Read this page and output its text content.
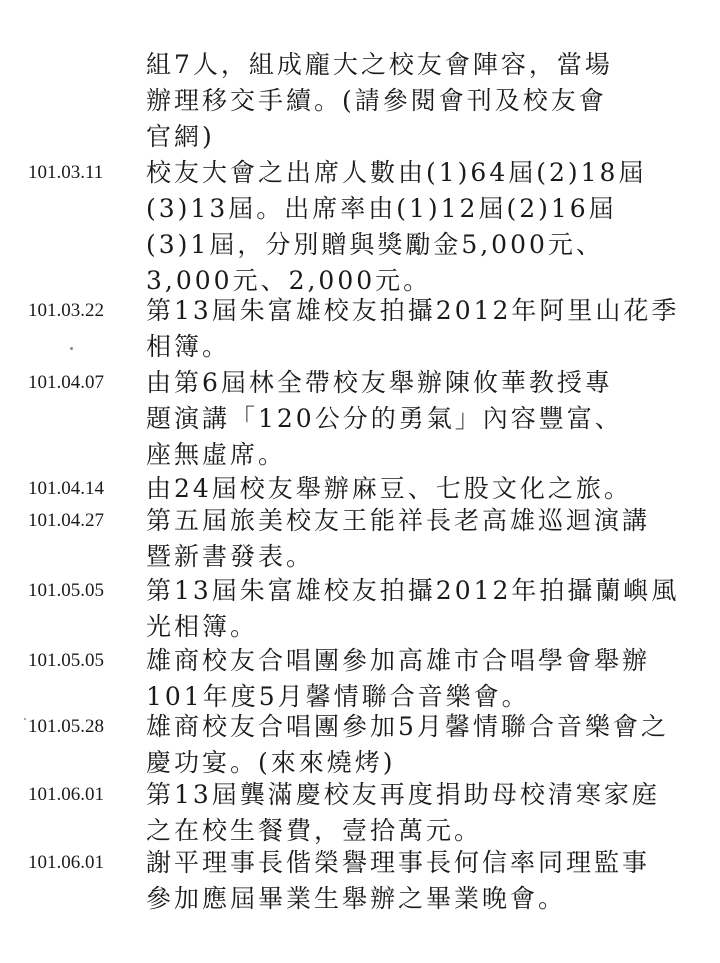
組7人，組成龐大之校友會陣容，當場
辦理移交手續。(請參閱會刊及校友會
官網)
101.03.11	校友大會之出席人數由(1)64屆(2)18屆
(3)13屆。出席率由(1)12屆(2)16屆
(3)1屆，分別贈與獎勵金5,000元、
3,000元、2,000元。
101.03.22	第13屆朱富雄校友拍攝2012年阿里山花季
相簿。
101.04.07	由第6屆林全帶校友舉辦陳攸華教授專
題演講「120公分的勇氣」內容豐富、
座無虛席。
101.04.14	由24屆校友舉辦麻豆、七股文化之旅。
101.04.27	第五屆旅美校友王能祥長老高雄巡迴演講
暨新書發表。
101.05.05	第13屆朱富雄校友拍攝2012年拍攝蘭嶼風
光相簿。
101.05.05	雄商校友合唱團參加高雄市合唱學會舉辦
101年度5月馨情聯合音樂會。
101.05.28	雄商校友合唱團參加5月馨情聯合音樂會之
慶功宴。(來來燒烤)
101.06.01	第13屆龔滿慶校友再度捐助母校清寒家庭
之在校生餐費，壹拾萬元。
101.06.01	謝平理事長偕榮譽理事長何信率同理監事
參加應屆畢業生舉辦之畢業晚會。
